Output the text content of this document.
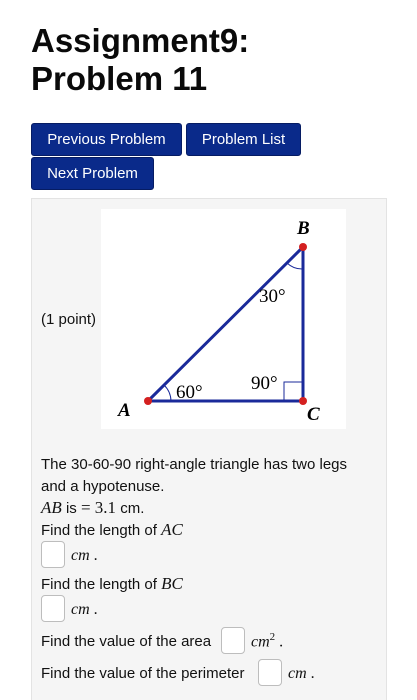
Assignment9:
Problem 11
Previous Problem	Problem List
Next Problem
A
B
C
60°
30°
90°
(1 point)
The 30-60-90 right-angle triangle has two legs
and a hypotenuse.
AB is = 3.1 cm.
Find the length of AC
cm .
Find the length of BC
cm .
Find the value of the area $cm^2$ .
Find the value of the perimeter	cm .
